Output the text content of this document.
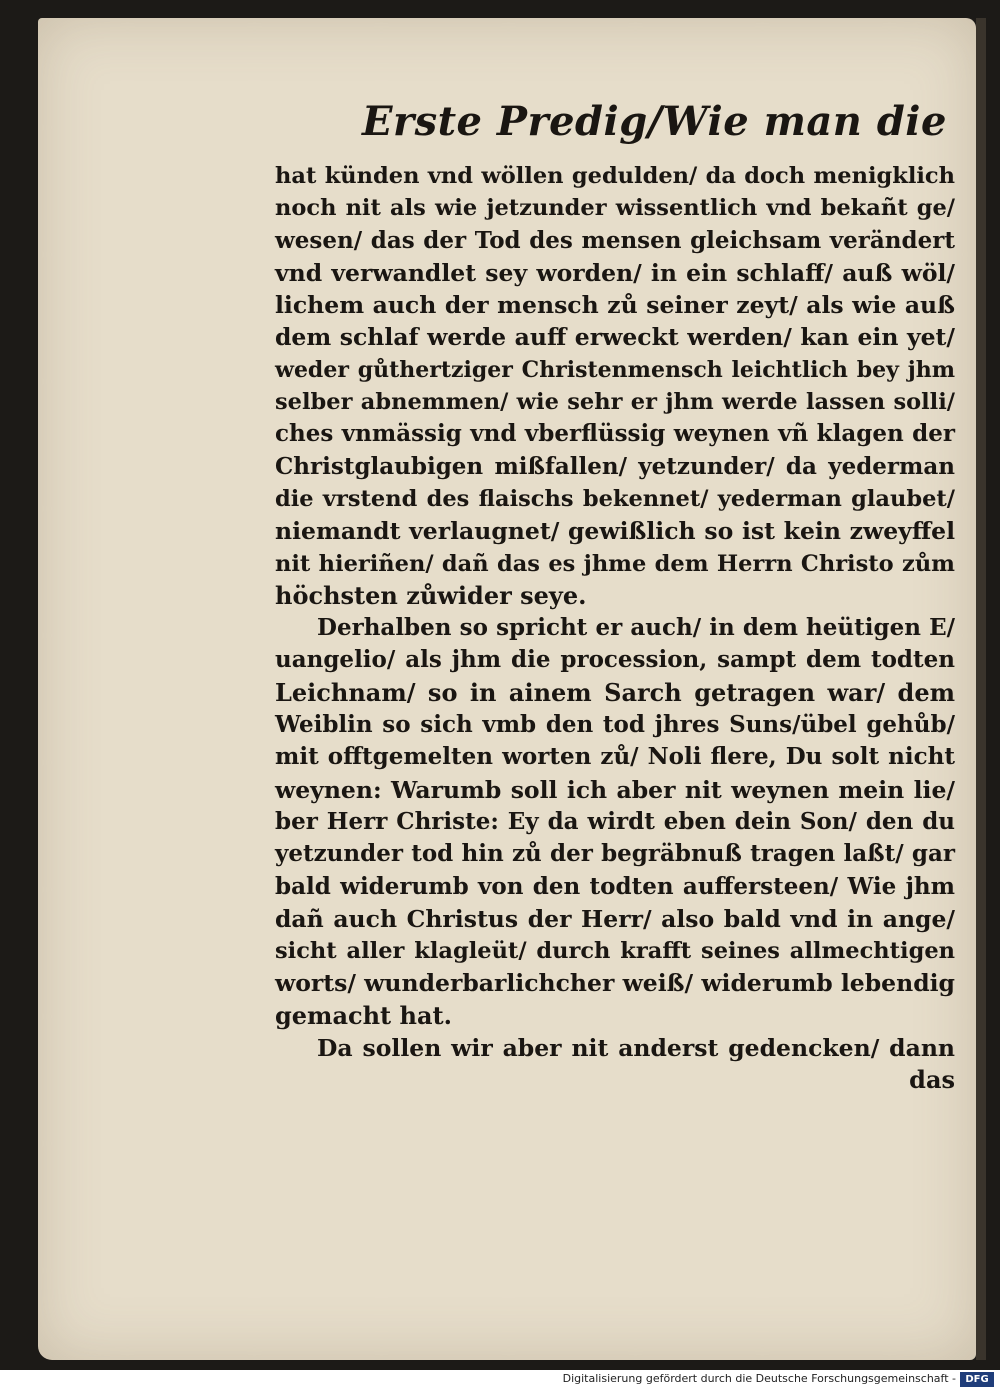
Erste Predig/Wie man die
hat künden vnd wöllen gedulden/ da doch menigklich
noch nit als wie jetzunder wissentlich vnd bekañt ge/
wesen/ das der Tod des mensen gleichsam verändert
vnd verwandlet sey worden/ in ein schlaff/ auß wöl/
lichem auch der mensch zů seiner zeyt/ als wie auß
dem schlaf werde auff erweckt werden/ kan ein yet/
weder gůthertziger Christenmensch leichtlich bey jhm
selber abnemmen/ wie sehr er jhm werde lassen solli/
ches vnmässig vnd vberflüssig weynen vñ klagen der
Christglaubigen mißfallen/ yetzunder/ da yederman
die vrstend des flaischs bekennet/ yederman glaubet/
niemandt verlaugnet/ gewißlich so ist kein zweyffel
nit hieriñen/ dañ das es jhme dem Herrn Christo zům
höchsten zůwider seye.
Derhalben so spricht er auch/ in dem heütigen E/
uangelio/ als jhm die procession, sampt dem todten
Leichnam/ so in ainem Sarch getragen war/ dem
Weiblin so sich vmb den tod jhres Suns/übel gehůb/
mit offtgemelten worten zů/ Noli flere, Du solt nicht
weynen: Warumb soll ich aber nit weynen mein lie/
ber Herr Christe: Ey da wirdt eben dein Son/ den du
yetzunder tod hin zů der begräbnuß tragen laßt/ gar
bald widerumb von den todten auffersteen/ Wie jhm
dañ auch Christus der Herr/ also bald vnd in ange/
sicht aller klagleüt/ durch krafft seines allmechtigen
worts/ wunderbarlichcher weiß/ widerumb lebendig
gemacht hat.
Da sollen wir aber nit anderst gedencken/ dann
das
Digitalisierung gefördert durch die Deutsche Forschungsgemeinschaft - DFG
